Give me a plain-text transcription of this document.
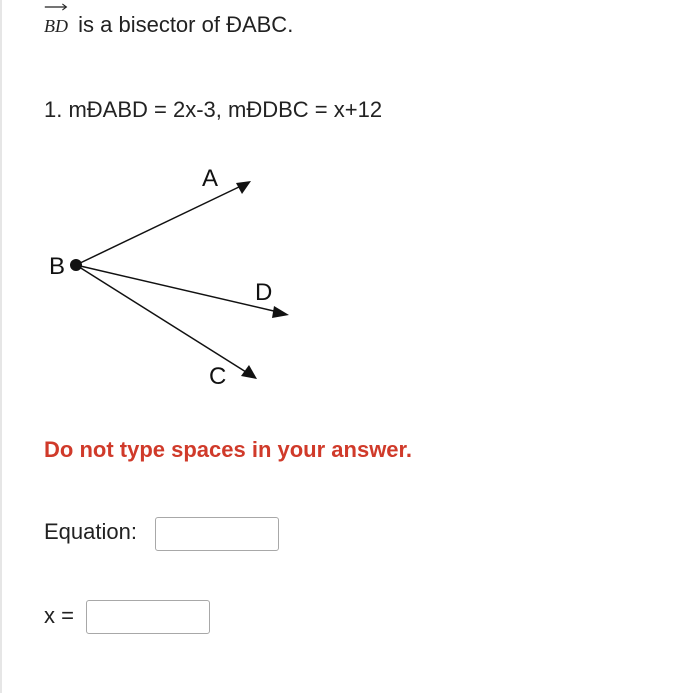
BD is a bisector of ÐABC.
1. mÐABD = 2x-3, mÐDBC = x+12
A
B
D
C
Do not type spaces in your answer.
Equation:
x =
